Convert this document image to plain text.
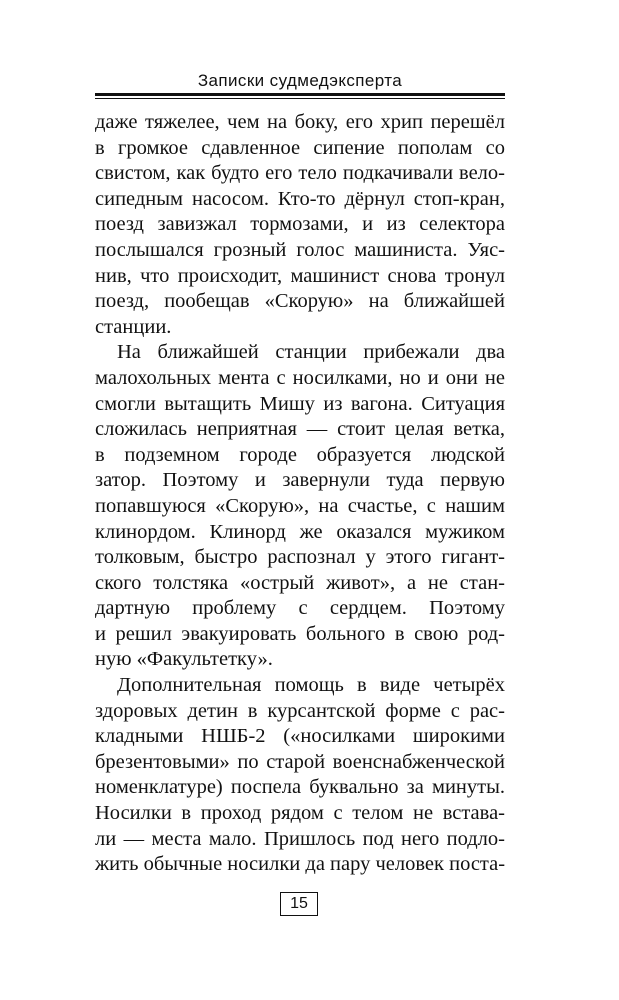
Записки судмедэксперта
даже тяжелее, чем на боку, его хрип перешёл
в громкое сдавленное сипение пополам со
свистом, как будто его тело подкачивали вело-
сипедным насосом. Кто-то дёрнул стоп-кран,
поезд завизжал тормозами, и из селектора
послышался грозный голос машиниста. Уяс-
нив, что происходит, машинист снова тронул
поезд, пообещав «Скорую» на ближайшей
станции.
На ближайшей станции прибежали два
малохольных мента с носилками, но и они не
смогли вытащить Мишу из вагона. Ситуация
сложилась неприятная — стоит целая ветка,
в подземном городе образуется людской
затор. Поэтому и завернули туда первую
попавшуюся «Скорую», на счастье, с нашим
клинордом. Клинорд же оказался мужиком
толковым, быстро распознал у этого гигант-
ского толстяка «острый живот», а не стан-
дартную проблему с сердцем. Поэтому
и решил эвакуировать больного в свою род-
ную «Факультетку».
Дополнительная помощь в виде четырёх
здоровых детин в курсантской форме с рас-
кладными НШБ-2 («носилками широкими
брезентовыми» по старой военснабженческой
номенклатуре) поспела буквально за минуты.
Носилки в проход рядом с телом не встава-
ли — места мало. Пришлось под него подло-
жить обычные носилки да пару человек поста-
15
